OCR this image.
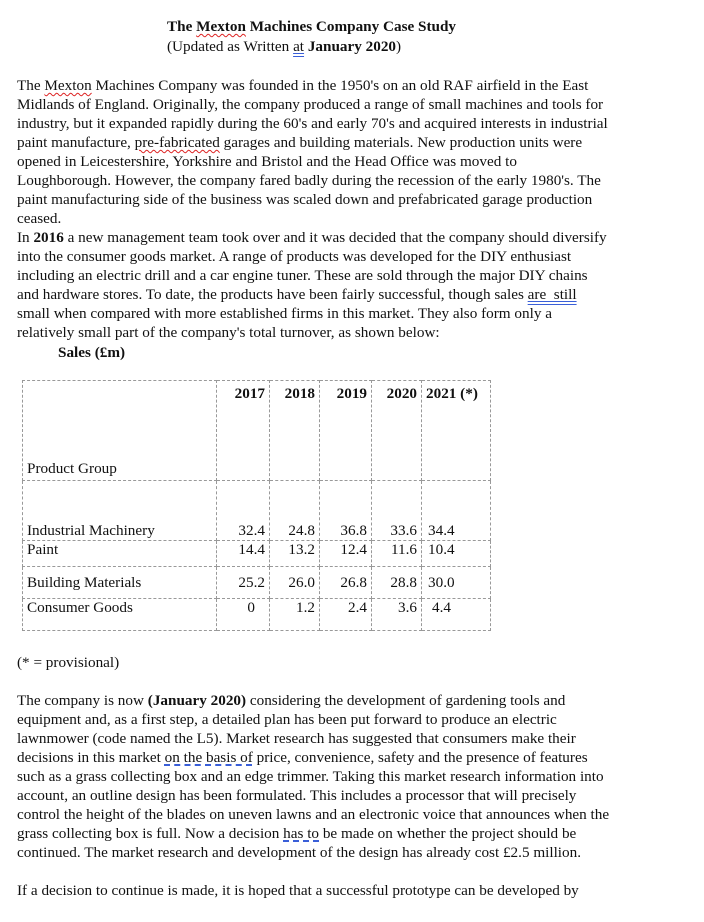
The Mexton Machines Company Case Study
(Updated as Written at January 2020)
The Mexton Machines Company was founded in the 1950's on an old RAF airfield in the East
Midlands of England. Originally, the company produced a range of small machines and tools for
industry, but it expanded rapidly during the 60's and early 70's and acquired interests in industrial
paint manufacture, pre-fabricated garages and building materials. New production units were
opened in Leicestershire, Yorkshire and Bristol and the Head Office was moved to
Loughborough. However, the company fared badly during the recession of the early 1980's. The
paint manufacturing side of the business was scaled down and prefabricated garage production
ceased.
In 2016 a new management team took over and it was decided that the company should diversify
into the consumer goods market. A range of products was developed for the DIY enthusiast
including an electric drill and a car engine tuner. These are sold through the major DIY chains
and hardware stores. To date, the products have been fairly successful, though sales are  still
small when compared with more established firms in this market. They also form only a
relatively small part of the company's total turnover, as shown below:
Sales (£m)
Product Group	2017	2018	2019	2020	2021 (*)
Industrial Machinery	32.4	24.8	36.8	33.6	34.4
Paint	14.4	13.2	12.4	11.6	10.4
Building Materials	25.2	26.0	26.8	28.8	30.0
Consumer Goods	0	1.2	2.4	3.6	4.4
(* = provisional)
The company is now (January 2020) considering the development of gardening tools and
equipment and, as a first step, a detailed plan has been put forward to produce an electric
lawnmower (code named the L5). Market research has suggested that consumers make their
decisions in this market on the basis of price, convenience, safety and the presence of features
such as a grass collecting box and an edge trimmer. Taking this market research information into
account, an outline design has been formulated. This includes a processor that will precisely
control the height of the blades on uneven lawns and an electronic voice that announces when the
grass collecting box is full. Now a decision has to be made on whether the project should be
continued. The market research and development of the design has already cost £2.5 million.
If a decision to continue is made, it is hoped that a successful prototype can be developed by
